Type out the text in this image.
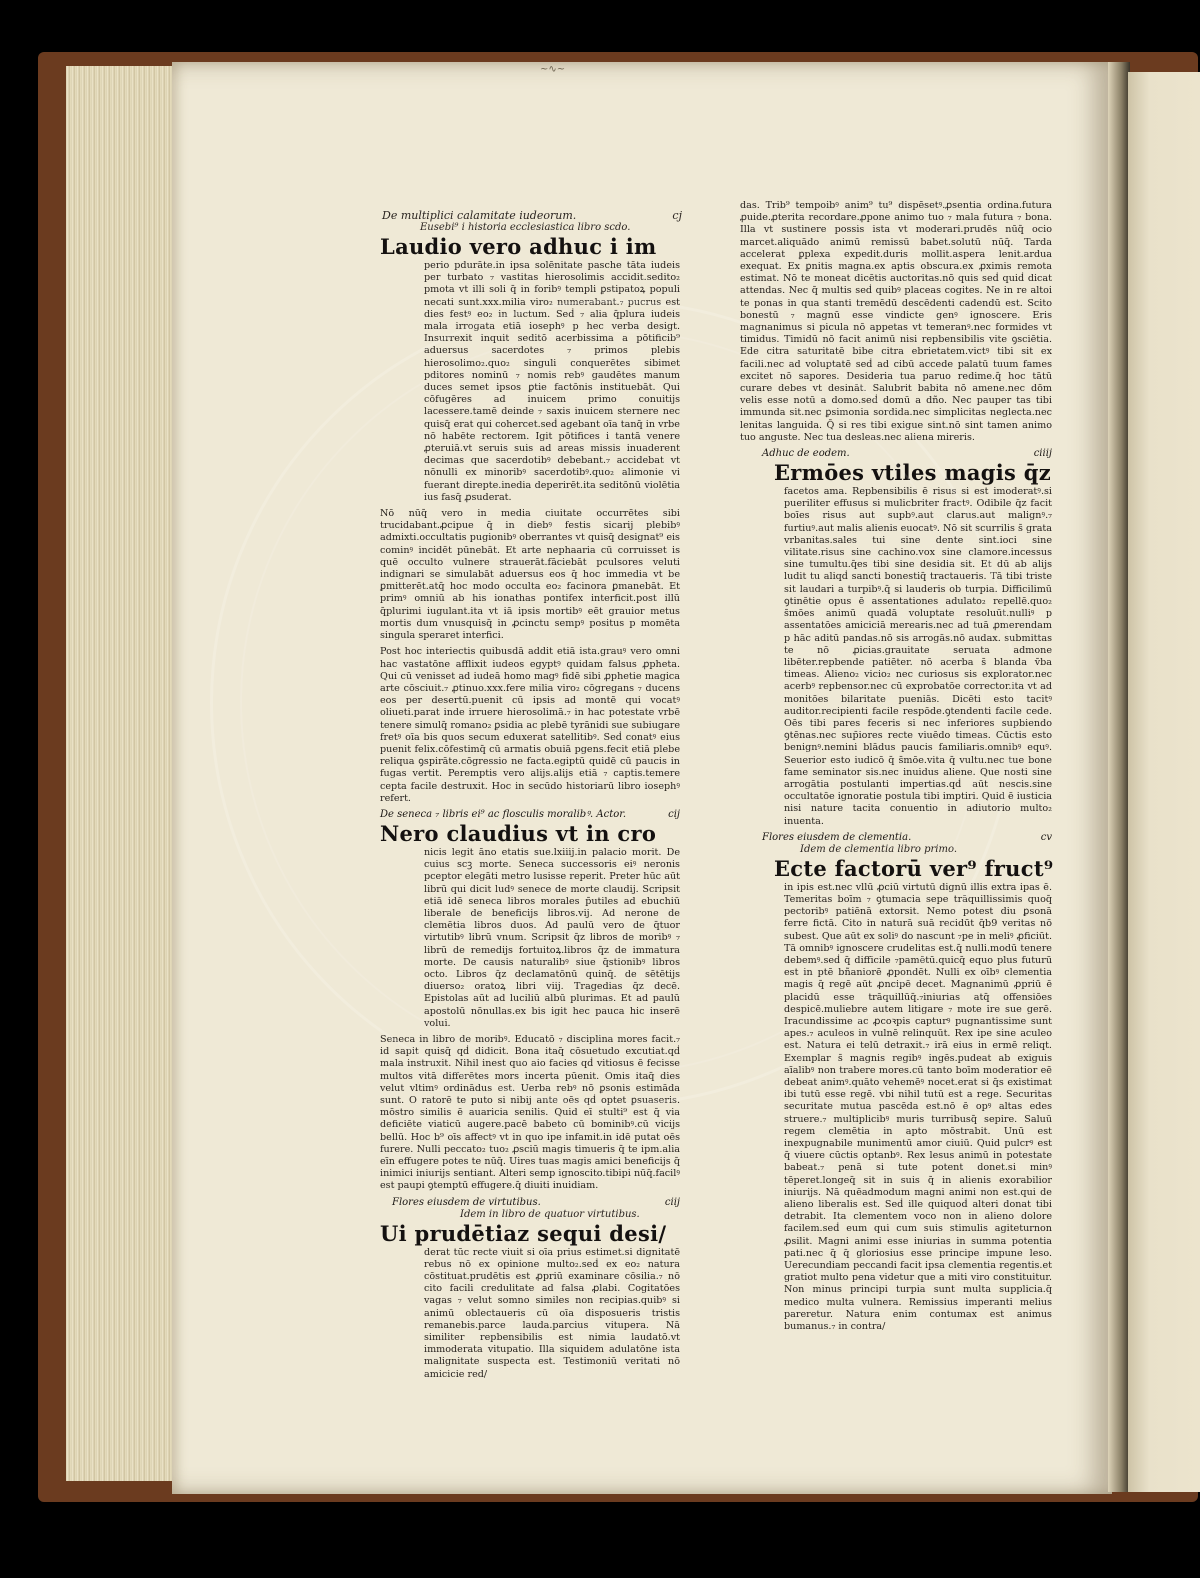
~∿~
De multiplici calamitate iudeorum.	cj
Eusebi⁹ i historia ecclesiastica libro scdo.
Laudio vero adhuc i im
perio pdurāte.in ipsa solēnitate pasche tāta iudeis per turbato ₇ vastitas hierosolimis accidit.sedito₂ pmota vt illi soli q̄ in foribꝰ templi ꝑstipatoꝝ populi necati sunt.xxx.milia viro₂ numerabant.₇ pucrus est dies festꝰ eo₂ in luctum. Seḋ ₇ alia q̄plura iudeis mala irrogata etiā iosephꝰ p hec verba desigt. Insurrexit inquit seditō acerbissima a pōtificib⁹ aduersus sacerdotes ₇ primos plebis hierosolimo₂.quo₂ singuli conquerētes sibimet pditores nominū ₇ nomis rebꝰ gaudētes manum duces semet ipsos ꝑtie factōnis instituebāt. Qui cōfugēres ad inuicem primo conuitijs lacessere.tamē deinde ₇ saxis inuicem sternere nec quisq̄ erat qui cohercet.seḋ agebant oīa tanq̄ in vrbe nō habēte rectorem. Igit pōtifices i tantā venere ꝓteruiā.vt seruis suis ad areas missis inuaderent decimas que sacerdotibꝰ debebant.₇ accidebat vt nōnulli ex minoribꝰ sacerdotibꝰ.quo₂ alimonie vi fuerant direpte.inedia deperirēt.ita seditōnū violētia ius fasq̄ ꝓsuderat.
Nō nūq̄ vero in media ciuitate occurrētes sibi trucidabant.ꝓcipue q̄ in diebꝰ festis sicarij plebibꝰ admixti.occultatis pugionibꝰ oberrantes vt quisq̄ designat⁹ eis cominꝰ incidēt pūnebāt. Et arte nephaaria cū corruisset is quē occulto vulnere strauerāt.fāciebāt pculsores veluti indignari se simulabāt aduersus eos q̄ hoc immedia vt be ꝑmitterēt.atq̄ hoc modo occulta eo₂ facinora ꝑmanebāt. Et primꝰ omniū ab his ionathas pontifex interficit.post illū q̄plurimi iugulant.ita vt iā ipsis mortibꝰ eēt grauior metus mortis dum vnusquisq̄ in ꝓcinctu sempꝰ positus p momēta singula speraret interfici.
Post hoc interiectis quibusdā addit etiā ista.grauꝰ vero omni hac vastatōne afflixit iudeos egyptꝰ quidam falsus ꝓpheta. Qui cū venisset ad iudeā homo magꝰ fidē sibi ꝓphetie magica arte cōsciuit.₇ ꝓtinuo.xxx.fere milia viro₂ cōgregans ₇ ducens eos per desertū.puenit cū ipsis ad montē qui vocatꝰ oliueti.parat inde irruere hierosolimā.₇ in hac potestate vrbē tenere simulq̄ romano₂ ꝑsidia ac plebē tyrānidi sue subiugare fretꝰ oīa bis quos secum eduxerat satellitibꝰ. Seḋ conatꝰ eius puenit felix.cōfestimq̄ cū armatis obuiā pgens.fecit etiā plebe reliqua ꝯspirāte.cōgressio ne facta.egiptū quidē cū paucis in fugas vertit. Peremptis vero alijs.alijs etiā ₇ captis.temere cepta facile destruxit. Hoc in secūdo historiarū libro iosephꝰ refert.
De seneca ₇ libris ei⁹ ac flosculis moralibꝰ. Actor.	cij
Nero claudius vt in cro
nicis legit āno etatis sue.lxiiij.in palacio morit. De cuius scꝫ morte. Seneca successoris eiꝰ neronis pceptor elegāti metro lusisse reperit. Preter hūc aūt librū qui dicit ludꝰ senece de morte claudij. Scripsit etiā idē seneca libros morales p̄utiles ad ebuchiū liberale de beneficijs libros.vij. Ad nerone de clemētia libros duos. Ad paulū vero de q̄tuor virtutibꝰ librū vnum. Scripsit q̄z libros de moribꝰ ₇ librū de remedijs fortuitoꝝ.libros q̄z de immatura morte. De causis naturalibꝰ siue q̄stionibꝰ libros octo. Libros q̄z declamatōnū quinq̄. de sētētijs diuerso₂ oratoꝝ libri viij. Tragedias q̄z decē. Epistolas aūt ad luciliū albū plurimas. Et ad paulū apostolū nōnullas.ex bis igit hec pauca hic inserē volui.
Seneca in libro de moribꝰ. Educatō ₇ disciplina mores facit.₇ id sapit quisq̄ qḋ didicit. Bona itaq̄ cōsuetudo excutiat.qḋ mala instruxit. Nihil inest quo aio facies qḋ vitiosus ē fecisse multos vitā differētes mors incerta pūenit. Omis itaq̄ dies velut vltimꝰ ordinādus est. Uerba rebꝰ nō ꝑsonis estimāda sunt. O ratorē te puto si nibij ante oēs qḋ optet ꝑsuaseris. mōstro similis ē auaricia senilis. Quid eī stulti⁹ est q̄ via deficiēte viaticū augere.pacē babeto cū bominibꝰ.cū vicijs bellū. Hoc b⁹ oīs affectꝰ vt in quo ipe infamit.in idē putat oēs furere. Nulli peccato₂ tuo₂ ꝓsciū magis timueris q̄ te ipm.alia eīn effugere potes te nūq̄. Uires tuas magis amici beneficijs q̄ inimici iniurijs sentiant. Alteri semp ignoscito.tibipi nūq̄.facilꝰ est paupi ꝯtemptū effugere.q̄ diuiti inuidiam.
Flores eiusdem de virtutibus.	ciij
Idem in libro de quatuor virtutibus.
Ui prudētiaz sequi desi/
derat tūc recte viuit si oīa prius estimet.si dignitatē rebus nō ex opinione multo₂.seḋ ex eo₂ natura cōstituat.prudētis est ꝓpriū examinare cōsilia.₇ nō cito facili credulitate ad falsa ꝓlabi. Cogitatōes vagas ₇ velut somno similes non recipias.quibꝰ si animū oblectaueris cū oīa disposueris tristis remanebis.parce lauda.parcius vitupera. Nā similiter repbensibilis est nimia laudatō.vt immoderata vitupatio. Illa siquidem adulatōne ista malignitate suspecta est. Testimoniū veritati nō amicicie red/
das. Trib⁹ tempoibꝰ anim⁹ tu⁹ dispēsetꝰ.ꝓsentia ordina.futura ꝓuide.ꝓterita recordare.ꝓpone animo tuo ₇ mala futura ₇ bona. Illa vt sustinere possis ista vt moderari.prudēs nūq̄ ocio marcet.aliquādo animū remissū babet.solutū nūq̄. Tarda accelerat ꝑplexa expedit.duris mollit.aspera lenit.ardua exequat. Ex ꝑnitis magna.ex aptis obscura.ex ꝓximis remota estimat. Nō te moneat dicētis auctoritas.nō quis seḋ quiḋ dicat attendas. Nec q̄ multis seḋ quibꝰ placeas cogites. Ne in re altoi te ponas in qua stanti tremēdū descēdenti cadendū est. Scito bonestū ₇ magnū esse vindicte genꝰ ignoscere. Eris magnanimus si picula nō appetas vt temeranꝰ.nec formides vt timidus. Timidū nō facit animū nisi repbensibilis vite ꝯsciētia. Ede citra saturitatē bibe citra ebrietatem.victꝰ tibi sit ex facili.nec ad voluptatē seḋ ad cibū accede palatū tuum fames excitet nō sapores. Desideria tua paruo redime.q̄ hoc tātū curare debes vt desināt. Salubrit babita nō amene.nec dōm velis esse notū a domo.seḋ domū a dño. Nec pauper tas tibi immunda sit.nec ꝑsimonia sordida.nec simplicitas neglecta.nec lenitas languida. Q̄ si res tibi exigue sint.nō sint tamen animo tuo anguste. Nec tua desleas.nec aliena mireris.
Adhuc de eodem.	ciiij
Ermōes vtiles magis q̄z
facetos ama. Repbensibilis ē risus si est imoderatꝰ.si pueriliter effusus si mulicbriter fractꝰ. Odibile q̄z facit boīes risus aut supbꝰ.aut clarus.aut malignꝰ.₇ furtiuꝰ.aut malis alienis euocatꝰ. Nō sit scurrilis s̄ grata vrbanitas.sales tui sine dente sint.ioci sine vilitate.risus sine cachino.vox sine clamore.incessus sine tumultu.q̄es tibi sine desidia sit. Et dū ab alijs ludit tu aliqḋ sancti bonestiq̄ tractaueris. Tā tibi triste sit laudari a turpibꝰ.q̄ si lauderis ob turpia. Difficilimū ꝯtinētie opus ē assentationes adulato₂ repellē.quo₂ s̄mōes animū quadā voluptate resoluūt.nulliꝰ p assentatōes amiciciā merearis.nec ad tuā ꝓmerendam p hāc aditū pandas.nō sis arrogās.nō audax. submittas te nō ꝓicias.grauitate seruata admone libēter.repbende patiēter. nō acerba s̄ blanda v̄ba timeas. Alieno₂ vicio₂ nec curiosus sis explorator.nec acerbꝰ repbensor.nec cū exprobatōe corrector.ita vt ad monitōes bilaritate pueniās. Dicēti esto tacitꝰ auditor.recipienti facile respōde.ꝯtendenti facile cede. Oēs tibi pares feceris si nec inferiores supbiendo ꝯtēnas.nec sup̄iores recte viuēdo timeas. Cūctis esto benignꝰ.nemini blādus paucis familiaris.omnibꝰ equꝰ. Seuerior esto iudicō q̄ s̄mōe.vita q̄ vultu.nec tue bone fame seminator sis.nec inuidus aliene. Que nosti sine arrogātia postulanti impertias.qḋ aūt nescis.sine occultatōe ignoratie postula tibi imptiri. Quid ē iusticia nisi nature tacita conuentio in adiutorio multo₂ inuenta.
Flores eiusdem de clementia.	cv
Idem de clementia libro primo.
Ecte factorū ver⁹ fruct⁹
in ipis est.nec vllū ꝓciū virtutū dignū illis extra ipas ē. Temeritas boīm ₇ ꝯtumacia sepe trāquillissimis quoq̄ pectoribꝰ patiēnā extorsit. Nemo potest diu ꝑsonā ferre fictā. Cito in naturā suā recidūt q̄b9 veritas nō subest. Que aūt ex soliꝰ do nascunt ₇pe in meliꝰ ꝓficiūt. Tā omnibꝰ ignoscere crudelitas est.q̄ nulli.modū tenere debemꝰ.seḋ q̄ difficile ₇pamētū.quicq̄ equo plus futurū est in ptē bñaniorē ꝓpondēt. Nulli ex oībꝰ clementia magis q̄ regē aūt ꝓncipē decet. Magnanimū ꝓpriū ē placidū esse trāquillūq̄.₇iniurias atq̄ offensiōes despicē.muliebre autem litigare ₇ mote ire sue gerē. Iracundissime ac ꝓcoꝛpis capturꝰ pugnantissime sunt apes.₇ aculeos in vulnē relinquūt. Rex ipe sine aculeo est. Natura ei telū detraxit.₇ irā eius in ermē reliqt. Exemplar s̄ magnis regibꝰ ingēs.pudeat ab exiguis aīalibꝰ non trabere mores.cū tanto boīm moderatior eē debeat animꝰ.quāto vehemēꝰ nocet.erat si q̄s existimat ibi tutū esse regē. vbi nihil tutū est a rege. Securitas securitate mutua pascēda est.nō ē opꝰ altas edes struere.₇ multiplicibꝰ muris turribusq̄ sepire. Saluū regem clemētia in apto mōstrabit. Unū est inexpugnabile munimentū amor ciuiū. Quid pulcrꝰ est q̄ viuere cūctis optanbꝰ. Rex lesus animū in potestate babeat.₇ penā si tute potent donet.si minꝰ tēperet.longeq̄ sit in suis q̄ in alienis exorabilior iniurijs. Nā quēadmodum magni animi non est.qui de alieno liberalis est. Seḋ ille quiquoḋ alteri donat tibi detrabit. Ita clementem voco non in alieno dolore facilem.seḋ eum qui cum suis stimulis agiteturnon ꝓsilit. Magni animi esse iniurias in summa potentia pati.nec q̄ q̄ gloriosius esse principe impune leso. Uerecundiam peccandi facit ipsa clementia regentis.et gratiot multo pena videtur que a miti viro constituitur. Non minus principi turpia sunt multa supplicia.q̄ medico multa vulnera. Remissius imperanti melius pareretur. Natura enim contumax est animus bumanus.₇ in contra/
